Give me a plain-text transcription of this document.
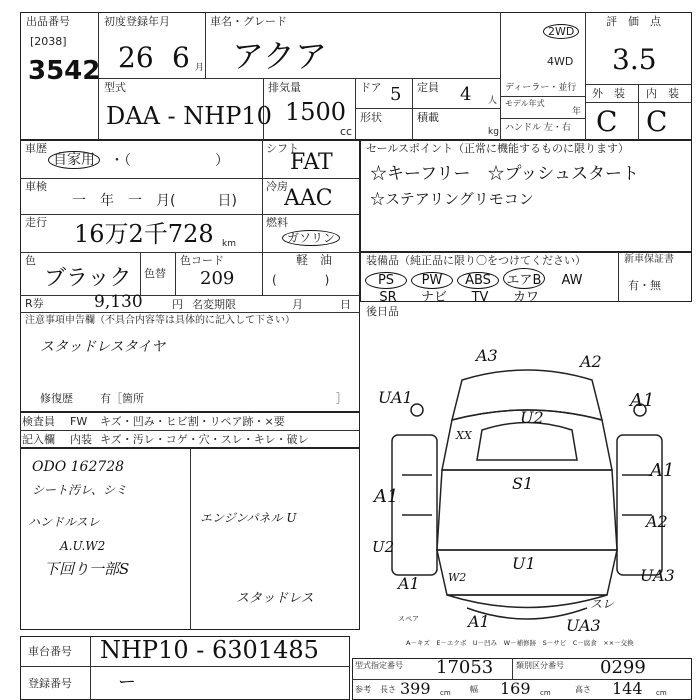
出品番号
[2038]
3542
初度登録年月
26 6 月
車名・グレード
アクア
2WD
4WD
評　価　点
3.5
外　装 内　装
C C
型式
DAA - NHP10
排気量
1500
cc
ドア 5 定員 4 人
形状	積載
kg
ディーラー・並行
モデル年式
年
ハンドル 左・右
車歴
自家用	・（　　　　　　）
シフト
FAT
車検
一　年　一　月(　　　日)
冷房
AAC
走行 16万2千728 km
燃料
ガソリン
軽　油
(　　　　)
色
ブラック 色替
色コード
209
R券	9,130	円 名変期限	月	日
注意事項申告欄（不具合内容等は具体的に記入して下さい）
スタッドレスタイヤ
修復歴 有［箇所	］
セールスポイント（正常に機能するものに限ります）
☆キーフリー　☆プッシュスタート
☆ステアリングリモコン
装備品（純正品に限り〇をつけてください）	新車保証書
有・無
PS PW ABS エアB AW
SR ナビ TV カワ
後日品
検査員
記入欄
FW キズ・凹み・ヒビ割・リペア跡・×要
内装 キズ・汚レ・コゲ・穴・スレ・キレ・破レ
ODO 162728
シート汚レ、シミ
ハンドルスレ	エンジンパネル U
A.U.W2
下回り一部S
スタッドレス
A3	A2
UA1	A1
U2
XX
A1
S1
A1
A2
U2
U1
UA3
A1	W2
スレ
A1	UA3
スペア
A－キズ　E－エクボ　U－凹み　W－補修跡　S－サビ　C－腐食　××－交換
車台番号 NHP10 - 6301485
登録番号	ー
型式指定番号 17053	類別区分番号 0299
参考 長さ 399 cm 幅 169 cm	高さ 144 cm
